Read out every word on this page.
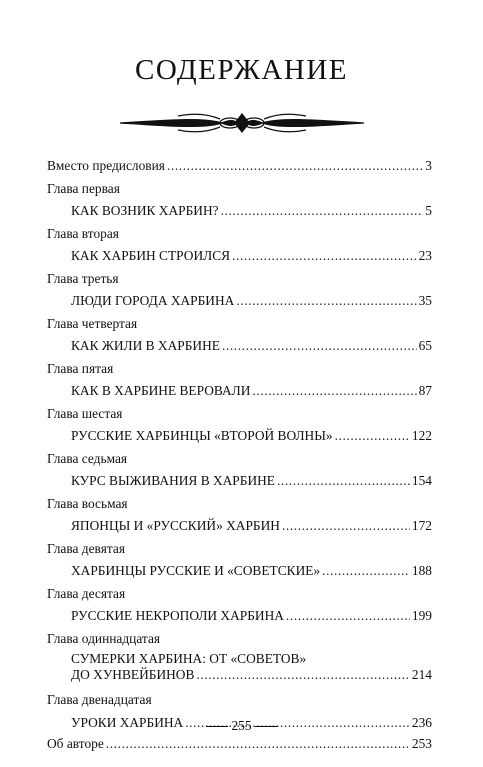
СОДЕРЖАНИЕ
Вместо предисловия .....	3
Глава первая
КАК ВОЗНИК ХАРБИН? .....	5
Глава вторая
КАК ХАРБИН СТРОИЛСЯ .....	23
Глава третья
ЛЮДИ ГОРОДА ХАРБИНА .....	35
Глава четвертая
КАК ЖИЛИ В ХАРБИНЕ .....	65
Глава пятая
КАК В ХАРБИНЕ ВЕРОВАЛИ .....	87
Глава шестая
РУССКИЕ ХАРБИНЦЫ «ВТОРОЙ ВОЛНЫ» .....	122
Глава седьмая
КУРС ВЫЖИВАНИЯ В ХАРБИНЕ .....	154
Глава восьмая
ЯПОНЦЫ И «РУССКИЙ» ХАРБИН .....	172
Глава девятая
ХАРБИНЦЫ РУССКИЕ И «СОВЕТСКИЕ» .....	188
Глава десятая
РУССКИЕ НЕКРОПОЛИ ХАРБИНА .....	199
Глава одиннадцатая
СУМЕРКИ ХАРБИНА: ОТ «СОВЕТОВ»
ДО ХУНВЕЙБИНОВ .....	214
Глава двенадцатая
УРОКИ ХАРБИНА .....	236
Об авторе .....	253
255
